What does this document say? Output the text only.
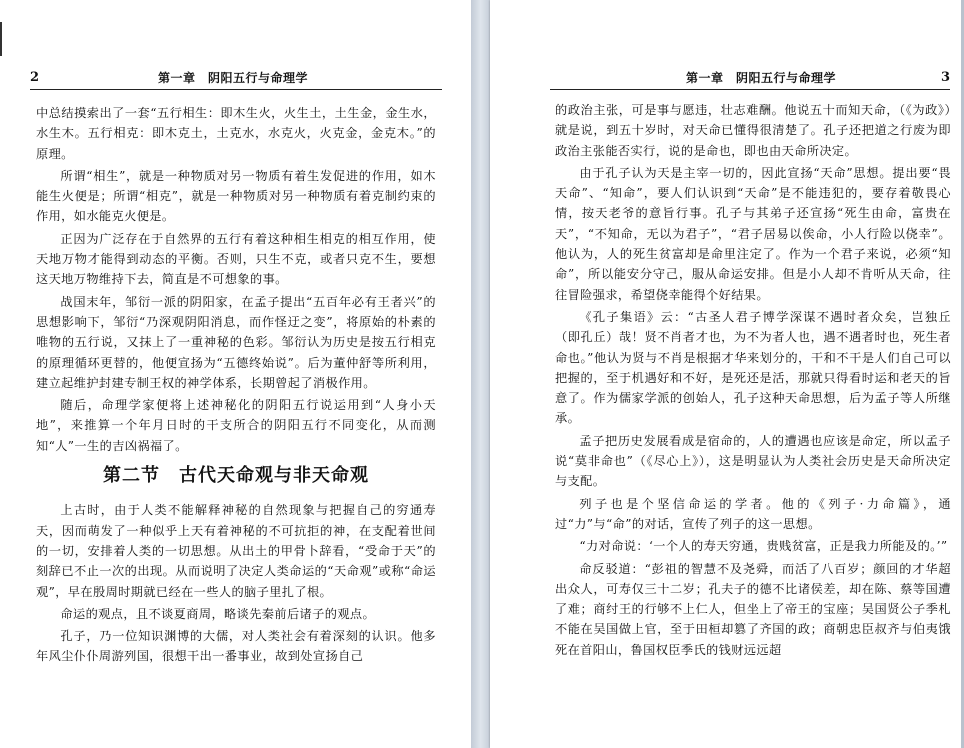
2	第一章　阴阳五行与命理学

中总结摸索出了一套“五行相生：即木生火，火生土，土生金，金生水，水生木。五行相克：即木克土，土克水，水克火，火克金，金克木。”的原理。

所谓“相生”，就是一种物质对另一物质有着生发促进的作用，如木能生火便是；所谓“相克”，就是一种物质对另一种物质有着克制约束的作用，如水能克火便是。

正因为广泛存在于自然界的五行有着这种相生相克的相互作用，使天地万物才能得到动态的平衡。否则，只生不克，或者只克不生，要想这天地万物维持下去，简直是不可想象的事。

战国末年，邹衍一派的阴阳家，在孟子提出“五百年必有王者兴”的思想影响下，邹衍“乃深观阴阳消息，而作怪迂之变”，将原始的朴素的唯物的五行说，又抹上了一重神秘的色彩。邹衍认为历史是按五行相克的原理循环更替的，他便宣扬为“五德终始说”。后为董仲舒等所利用，建立起维护封建专制王权的神学体系，长期曾起了消极作用。

随后，命理学家便将上述神秘化的阴阳五行说运用到“人身小天地”，来推算一个年月日时的干支所合的阴阳五行不同变化，从而测知“人”一生的吉凶祸福了。

第二节　古代天命观与非天命观

上古时，由于人类不能解释神秘的自然现象与把握自己的穷通寿天，因而萌发了一种似乎上天有着神秘的不可抗拒的神，在支配着世间的一切，安排着人类的一切思想。从出土的甲骨卜辞看，“受命于天”的刻辞已不止一次的出现。从而说明了决定人类命运的“天命观”或称“命运观”，早在殷周时期就已经在一些人的脑子里扎了根。

命运的观点，且不谈夏商周，略谈先秦前后诸子的观点。

孔子，乃一位知识渊博的大儒，对人类社会有着深刻的认识。他多年风尘仆仆周游列国，很想干出一番事业，故到处宣扬自己

第一章　阴阳五行与命理学	3

的政治主张，可是事与愿违，壮志难酬。他说五十而知天命，（《为政》）就是说，到五十岁时，对天命已懂得很清楚了。孔子还把道之行废为即政治主张能否实行，说的是命也，即也由天命所决定。

由于孔子认为天是主宰一切的，因此宣扬“天命”思想。提出要“畏天命”、“知命”，要人们认识到“天命”是不能违犯的，要存着敬畏心情，按天老爷的意旨行事。孔子与其弟子还宣扬“死生由命，富贵在天”，“不知命，无以为君子”，“君子居易以俟命，小人行险以侥幸”。他认为，人的死生贫富却是命里注定了。作为一个君子来说，必须“知命”，所以能安分守己，服从命运安排。但是小人却不肯听从天命，往往冒险强求，希望侥幸能得个好结果。

《孔子集语》云：“古圣人君子博学深谋不遇时者众矣，岂独丘（即孔丘）哉！贤不肖者才也，为不为者人也，遇不遇者时也，死生者命也。”他认为贤与不肖是根据才华来划分的，干和不干是人们自己可以把握的，至于机遇好和不好，是死还是活，那就只得看时运和老天的旨意了。作为儒家学派的创始人，孔子这种天命思想，后为孟子等人所继承。

孟子把历史发展看成是宿命的，人的遭遇也应该是命定，所以孟子说“莫非命也”（《尽心上》），这是明显认为人类社会历史是天命所决定与支配。

列子也是个坚信命运的学者。他的《列子·力命篇》，通过“力”与“命”的对话，宣传了列子的这一思想。

“力对命说：‘一个人的寿天穷通，贵贱贫富，正是我力所能及的。’”

命反驳道：“彭祖的智慧不及尧舜，而活了八百岁；颜回的才华超出众人，可寿仅三十二岁；孔夫子的德不比诸侯差，却在陈、蔡等国遭了难；商纣王的行够不上仁人，但坐上了帝王的宝座；吴国贤公子季札不能在吴国做上官，至于田桓却篡了齐国的政；商朝忠臣叔齐与伯夷饿死在首阳山，鲁国权臣季氏的钱财远远超
